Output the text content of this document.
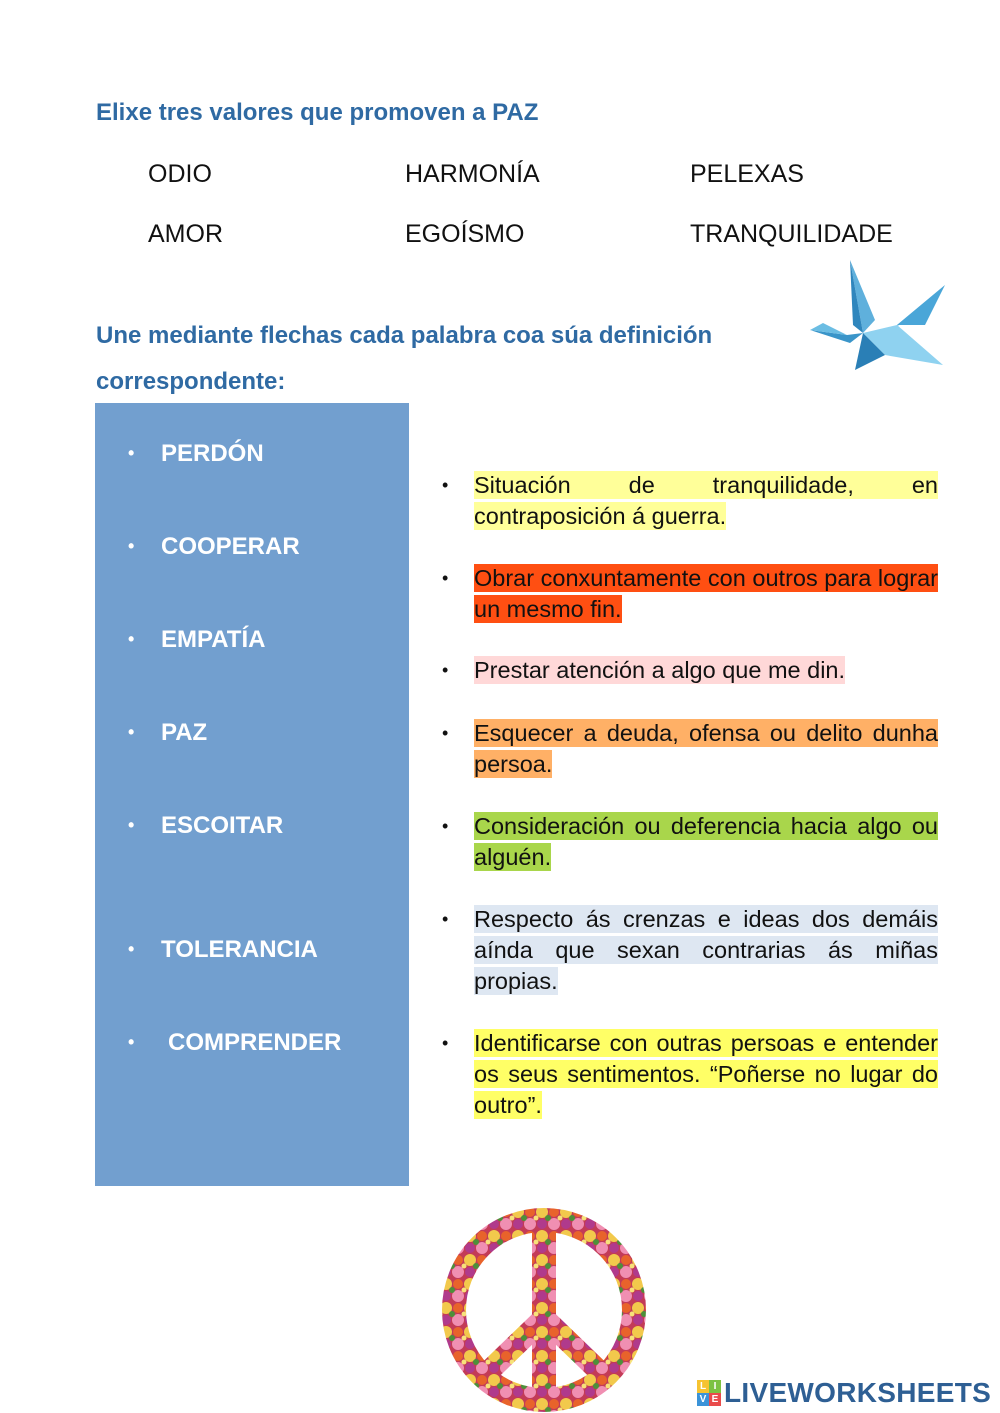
Elixe tres valores que promoven a PAZ
ODIO	HARMONÍA	PELEXAS
AMOR	EGOÍSMO	TRANQUILIDADE
Une mediante flechas cada palabra coa súa definición correspondente:
• PERDÓN
• COOPERAR
• EMPATÍA
• PAZ
• ESCOITAR
• TOLERANCIA
• COMPRENDER
•	Situación de tranquilidade, en contraposición á guerra.
•	Obrar conxuntamente con outros para lograr un mesmo fin.
•	Prestar atención a algo que me din.
•	Esquecer a deuda, ofensa ou delito dunha persoa.
•	Consideración ou deferencia hacia algo ou alguén.
•	Respecto ás crenzas e ideas dos demáis aínda que sexan contrarias ás miñas propias.
•	Identificarse con outras persoas e entender os seus sentimentos. “Poñerse no lugar do outro”.
L I
V E LIVEWORKSHEETS
